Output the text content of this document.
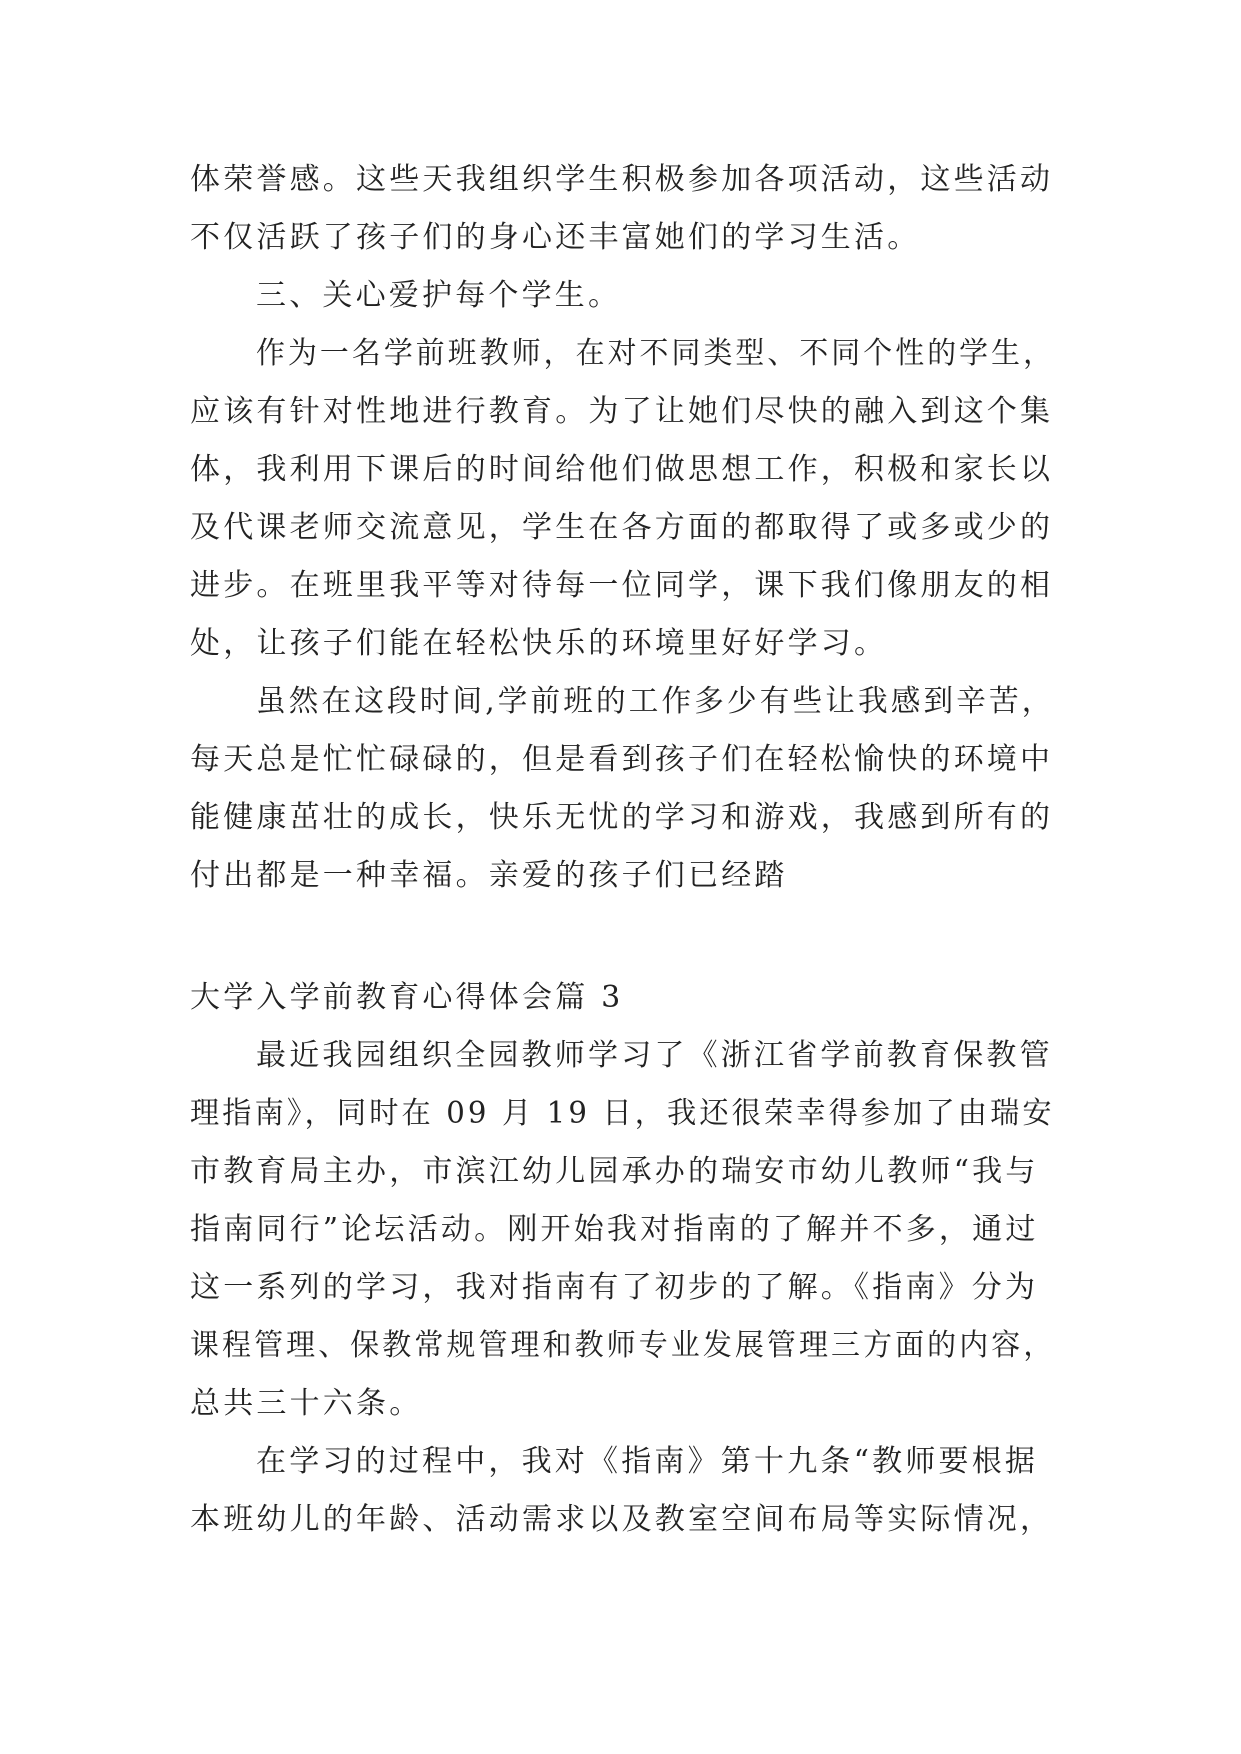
体荣誉感。这些天我组织学生积极参加各项活动，这些活动
不仅活跃了孩子们的身心还丰富她们的学习生活。
三、关心爱护每个学生。
作为一名学前班教师，在对不同类型、不同个性的学生，
应该有针对性地进行教育。为了让她们尽快的融入到这个集
体，我利用下课后的时间给他们做思想工作，积极和家长以
及代课老师交流意见，学生在各方面的都取得了或多或少的
进步。在班里我平等对待每一位同学，课下我们像朋友的相
处，让孩子们能在轻松快乐的环境里好好学习。
虽然在这段时间,学前班的工作多少有些让我感到辛苦，
每天总是忙忙碌碌的，但是看到孩子们在轻松愉快的环境中
能健康茁壮的成长，快乐无忧的学习和游戏，我感到所有的
付出都是一种幸福。亲爱的孩子们已经踏
大学入学前教育心得体会篇 3
最近我园组织全园教师学习了《浙江省学前教育保教管
理指南》，同时在 09 月 19 日，我还很荣幸得参加了由瑞安
市教育局主办，市滨江幼儿园承办的瑞安市幼儿教师“我与
指南同行”论坛活动。刚开始我对指南的了解并不多，通过
这一系列的学习，我对指南有了初步的了解。《指南》分为
课程管理、保教常规管理和教师专业发展管理三方面的内容，
总共三十六条。
在学习的过程中，我对《指南》第十九条“教师要根据
本班幼儿的年龄、活动需求以及教室空间布局等实际情况，
